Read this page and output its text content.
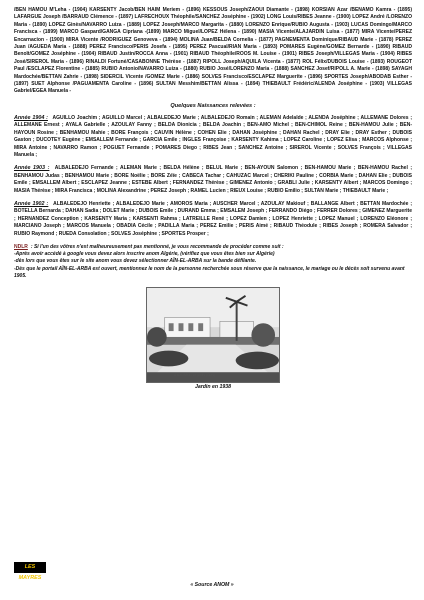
/BEN HAMOU M'Leha - (1904) KARSENTY Jacob/BEN HAIM Meriem - (1896) KESSOUS Joseph/ZAOUI Diamante - (1898) KORSIAN Azar /BENAMO Kamra - (1895) LAFARGUE Joseph /BARRAUD Clémence - (1897) LAFRECHOUX Théophile/SANCHEZ Joséphine - (1902) LONG Louis/RIBES Jeanne - (1900) LOPEZ André /LORENZO Maria - (1890) LOPEZ Ginès/NAVARRO Luiza - (1889) LOPEZ Joseph/MARCO Margarita - (1880) LORENZO Enrique/RUBIO Augusta - (1903) LUCAS Domingo/MARCO Francisca - (1899) MARCO Gaspard/GANGA Cipriana -(1899) MARCO Miguel/LOPEZ Hélena - (1890) MASIA Vicente/ALAJARDIN Luisa - (1877) MIRA Vicente/PEREZ Encarnacion - (1900) MIRA Vicente /RODRIGUEZ Genoveva - (1894) MOLINA Juan/BELDA Cornelia - (1877) PAGNEMENTA Dominique/RIBAUD Marie - (1878) PEREZ Juan /AGUEDA Maria - (1888) PEREZ Francisco/PERIS Josefa - (1895) PEREZ Pascual/RIAN Maria - (1893) POMARES Eugène/GOMEZ Bernarde - (1890) RIBAUD Benoît/GOMEZ Joséphine - (1904) RIBAUD Justin/ROCCA Anna - (1901) RIBAUD Théophile/ROOS M. Louise - (1901) RIBES Joseph/VILLEGAS Maria - (1904) RIBES José/SIREROL Maria - (1896) RINALDI Fortuné/CASABONNE Thérèse - (1887) RIPOLL Joseph/AQUILA Vicenta - (1877) ROL Félix/DUBOIS Louise - (1893) ROUGEOT Paul /ESCLAPEZ Florentine - (1885) RUBIO Antonio/NAVARRO Luiza - (1880) RUBIO José/LORENZO Maria - (1888) SANCHEZ Josef/RIPOLL A. Marie - (1898) SAYAGH Mardochée/BETTAN Zahrie - (1898) SIDERCIL Vicente /GOMEZ Marie - (1886) SOLVES Francisco/ESCLAPEZ Marguerite - (1896) SPORTES Joseph/ABODAB Esther - (1897) SUET Alphonse /PAGUAMENTA Caroline - (1896) SULTAN Messhim/BETTAN Alissa - (1894) THIEBAULT Frédéric/ALENDA Joséphine - (1903) VILLEGAS Gabriel/EGEA Manuela -

Quelques Naissances relevées :

Année 1904 : AGUILLO Joachim ; AGUILLO Marcel ; ALBALEDEJO Marie ; ALBALEDEJO Romain ; ALEMAN Adelaïde ; ALENDA Joséphine ; ALLEMANE Dolores ; ALLEMANE Ernest ; AYALA Gabrielle ; AZOULAY Fanny ; BELDA Dionicia ; BELDA Joachin ; BEN-AMO Michel ; BEN-CHIMOL Reine ; BEN-HAMOU Julie ; BEN-HAYOUN Rosine ; BENHAMOU Mahie ; BORE François ; CAUVIN Hélène ; COHEN Elie ; DAHAN Joséphine ; DAHAN Rachel ; DRAY Elie ; DRAY Esther ; DUBOIS Gaston ; DUCOTEY Eugène ; EMSALLEM Fernande ; GARCIA Emile ; INGLES Françoise ; KARSENTY Kahima ; LOPEZ Caroline ; LOPEZ Elisa ; MARCOS Alphonse ; MIRA Antoine ; NAVARRO Ramon ; POGUET Fernande ; POMARES Diego ; RIBES Jean ; SANCHEZ Antoine ; SIREROL Vicente ; SOLVES François ; VILLEGAS Manuela ;

Année 1903 : ALBALEDEJO Fernande ; ALEMAN Marie ; BELDA Hélène ; BELUL Marie ; BEN-AYOUN Salomon ; BEN-HAMOU Marie ; BEN-HAMOU Rachel ; BENHAMOU Judas ; BENHAMOU Marie ; BORE Noëlie ; BORE Zéïe ; CABECA Tachar ; CAHUZAC Marcel ; CHERIKI Pauline ; CORBIA Marie ; DAHAN Elie ; DUBOIS Emile ; EMSALLEM Albert ; ESCLAPEZ Jeanne ; ESTEBE Albert ; FERNANDEZ Thérèse ; GIMENEZ Antonio ; GRABLI Julie ; KARSENTY Albert ; MARCOS Domingo ; MASIA Thérèse ; MIRA Francisca ; MOLINA Alexandrine ; PEREZ Joseph ; RAMEL Lucien ; RIEUX Louise ; RUBIO Emilio ; SULTAN Marie ; THIEBAULT Marie ;

Année 1902 : ALBALEDEJO Henriette ; ALBALEDEJO Marie ; AMOROS Maria ; AUSCHER Marcel ; AZOULAY Makiouf ; BALLANGE Albert ; BETTAN Mardochée ; BOTELLA Bernarda ; DAHAN Sadia ; DOLET Marie ; DUBOIS Emile ; DURAND Emma ; EMSALEM Joseph ; FERRANDO Diégo ; FERRER Dolores ; GIMENEZ Marguerite ; HERNANDEZ Conception ; KARSENTY Maria ; KARSENTI Rahma ; LATREILLE René ; LOPEZ Damien ; LOPEZ Henriette ; LOPEZ Manuel ; LORENZO Eléonore ; MARCIANO Joseph ; MARCOS Manuela ; OBADIA Cécile ; PADILLA Maria ; PEREZ Emilie ; PERIS Aimé ; RIBAUD Théodule ; RIBES Joseph ; ROMERA Salvador ; RUBIO Raymond ; RUEDA Consolation ; SOLVES Joséphine ; SPORTES Prosper ;

NDLR : Si l'un des vôtres n'est malheureusement pas mentionné, je vous recommande de procéder comme suit :
-Après avoir accédé à google vous devez alors inscrire anom Algérie, (vérifiez que vous êtes bien sur Algérie)
-dès lors que vous êtes sur le site anom vous devez sélectionner AÏN-EL-ARBA sur la bande défilante.
-Dès que le portail AÏN-EL-ARBA est ouvert, mentionnez le nom de la personne recherchée sous réserve que la naissance, le mariage ou le décès soit survenu avant 1905.
Ain-el-Arba - Le jardin (Oran)
Jardin en 1938
LES MAYRES
« Source ANOM »
